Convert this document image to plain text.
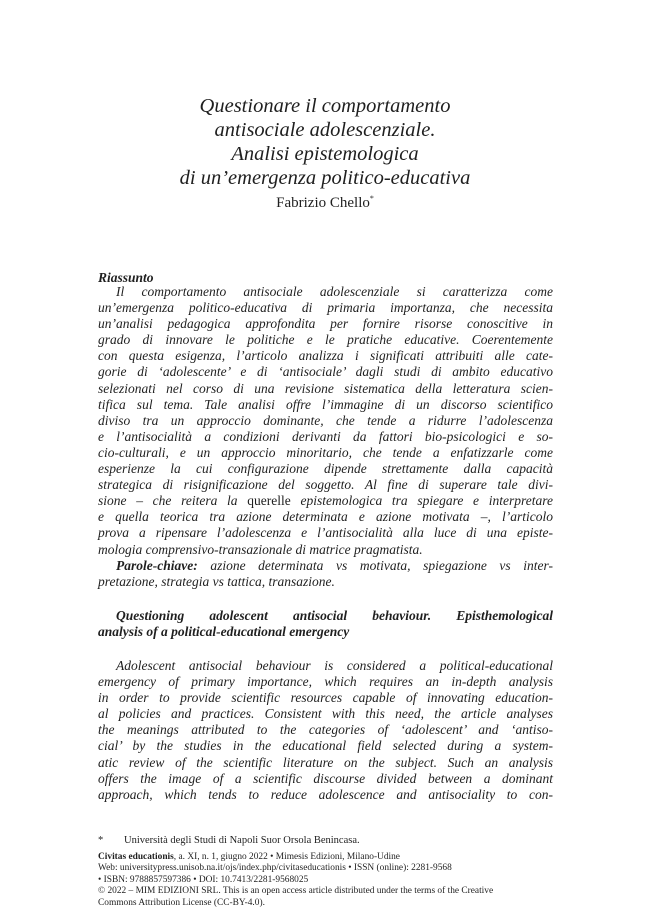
Questionare il comportamento
antisociale adolescenziale.
Analisi epistemologica
di un’emergenza politico-educativa
Fabrizio Chello*
Riassunto
Il comportamento antisociale adolescenziale si caratterizza come
un’emergenza politico-educativa di primaria importanza, che necessita
un’analisi pedagogica approfondita per fornire risorse conoscitive in
grado di innovare le politiche e le pratiche educative. Coerentemente
con questa esigenza, l’articolo analizza i significati attribuiti alle cate-
gorie di ‘adolescente’ e di ‘antisociale’ dagli studi di ambito educativo
selezionati nel corso di una revisione sistematica della letteratura scien-
tifica sul tema. Tale analisi offre l’immagine di un discorso scientifico
diviso tra un approccio dominante, che tende a ridurre l’adolescenza
e l’antisocialità a condizioni derivanti da fattori bio-psicologici e so-
cio-culturali, e un approccio minoritario, che tende a enfatizzarle come
esperienze la cui configurazione dipende strettamente dalla capacità
strategica di risignificazione del soggetto. Al fine di superare tale divi-
sione – che reitera la querelle epistemologica tra spiegare e interpretare
e quella teorica tra azione determinata e azione motivata –, l’articolo
prova a ripensare l’adolescenza e l’antisocialità alla luce di una episte-
mologia comprensivo-transazionale di matrice pragmatista.
Parole-chiave: azione determinata vs motivata, spiegazione vs inter-
pretazione, strategia vs tattica, transazione.
Questioning adolescent antisocial behaviour. Episthemological
analysis of a political-educational emergency
Adolescent antisocial behaviour is considered a political-educational
emergency of primary importance, which requires an in-depth analysis
in order to provide scientific resources capable of innovating education-
al policies and practices. Consistent with this need, the article analyses
the meanings attributed to the categories of ‘adolescent’ and ‘antiso-
cial’ by the studies in the educational field selected during a system-
atic review of the scientific literature on the subject. Such an analysis
offers the image of a scientific discourse divided between a dominant
approach, which tends to reduce adolescence and antisociality to con-
* Università degli Studi di Napoli Suor Orsola Benincasa.
Civitas educationis, a. XI, n. 1, giugno 2022 • Mimesis Edizioni, Milano-Udine
Web: universitypress.unisob.na.it/ojs/index.php/civitaseducationis • ISSN (online): 2281-9568
• ISBN: 9788857597386 • DOI: 10.7413/2281-9568025
© 2022 – MIM EDIZIONI SRL. This is an open access article distributed under the terms of the Creative
Commons Attribution License (CC-BY-4.0).
